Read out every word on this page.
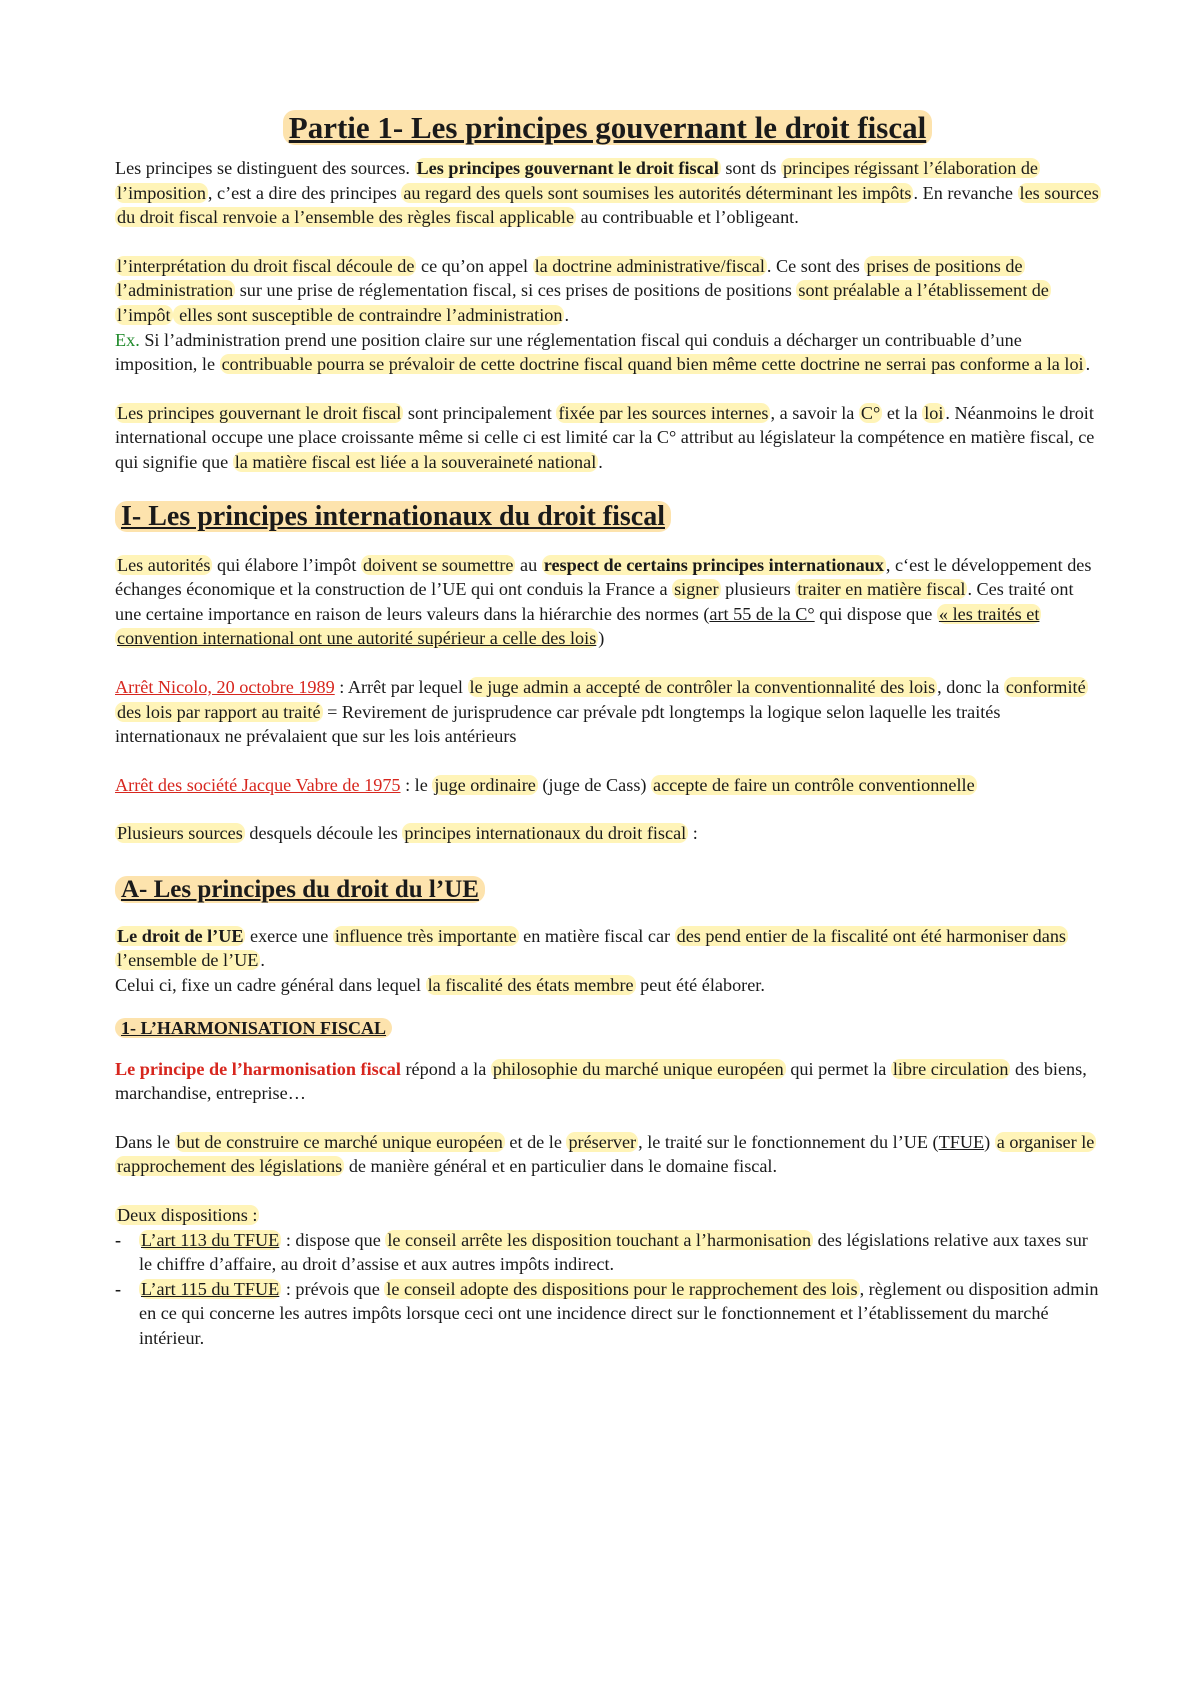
Partie 1- Les principes gouvernant le droit fiscal

Les principes se distinguent des sources. Les principes gouvernant le droit fiscal sont ds principes régissant l’élaboration de l’imposition , c’est a dire des principes au regard des quels sont soumises les autorités déterminant les impôts . En revanche les sources du droit fiscal renvoie a l’ensemble des règles fiscal applicable au contribuable et l’obligeant.

l’interprétation du droit fiscal découle de ce qu’on appel la doctrine administrative/fiscal . Ce sont des prises de positions de l’administration sur une prise de réglementation fiscal, si ces prises de positions de positions sont préalable a l’établissement de l’impôt elles sont susceptible de contraindre l’administration .
Ex. Si l’administration prend une position claire sur une réglementation fiscal qui conduis a décharger un contribuable d’une imposition, le contribuable pourra se prévaloir de cette doctrine fiscal quand bien même cette doctrine ne serrai pas conforme a la loi .

Les principes gouvernant le droit fiscal sont principalement fixée par les sources internes , a savoir la C° et la loi . Néanmoins le droit international occupe une place croissante même si celle ci est limité car la C° attribut au législateur la compétence en matière fiscal, ce qui signifie que la matière fiscal est liée a la souveraineté national .

I- Les principes internationaux du droit fiscal

Les autorités qui élabore l’impôt doivent se soumettre au respect de certains principes internationaux , c‘est le développement des échanges économique et la construction de l’UE qui ont conduis la France a signer plusieurs traiter en matière fiscal . Ces traité ont une certaine importance en raison de leurs valeurs dans la hiérarchie des normes (art 55 de la C° qui dispose que « les traités et convention international ont une autorité supérieur a celle des lois )

Arrêt Nicolo, 20 octobre 1989 : Arrêt par lequel le juge admin a accepté de contrôler la conventionnalité des lois , donc la conformité des lois par rapport au traité = Revirement de jurisprudence car prévale pdt longtemps la logique selon laquelle les traités internationaux ne prévalaient que sur les lois antérieurs

Arrêt des société Jacque Vabre de 1975 : le juge ordinaire (juge de Cass) accepte de faire un contrôle conventionnelle

Plusieurs sources desquels découle les principes internationaux du droit fiscal :

A- Les principes du droit du l’UE

Le droit de l’UE exerce une influence très importante en matière fiscal car des pend entier de la fiscalité ont été harmoniser dans l’ensemble de l’UE .
Celui ci, fixe un cadre général dans lequel la fiscalité des états membre peut été élaborer.

1- L’HARMONISATION FISCAL

Le principe de l’harmonisation fiscal répond a la philosophie du marché unique européen qui permet la libre circulation des biens, marchandise, entreprise…

Dans le but de construire ce marché unique européen et de le préserver , le traité sur le fonctionnement du l’UE (TFUE) a organiser le rapprochement des législations de manière général et en particulier dans le domaine fiscal.

Deux dispositions :

- L’art 113 du TFUE : dispose que le conseil arrête les disposition touchant a l’harmonisation des législations relative aux taxes sur le chiffre d’affaire, au droit d’assise et aux autres impôts indirect.
- L’art 115 du TFUE : prévois que le conseil adopte des dispositions pour le rapprochement des lois , règlement ou disposition admin en ce qui concerne les autres impôts lorsque ceci ont une incidence direct sur le fonctionnement et l’établissement du marché intérieur.
